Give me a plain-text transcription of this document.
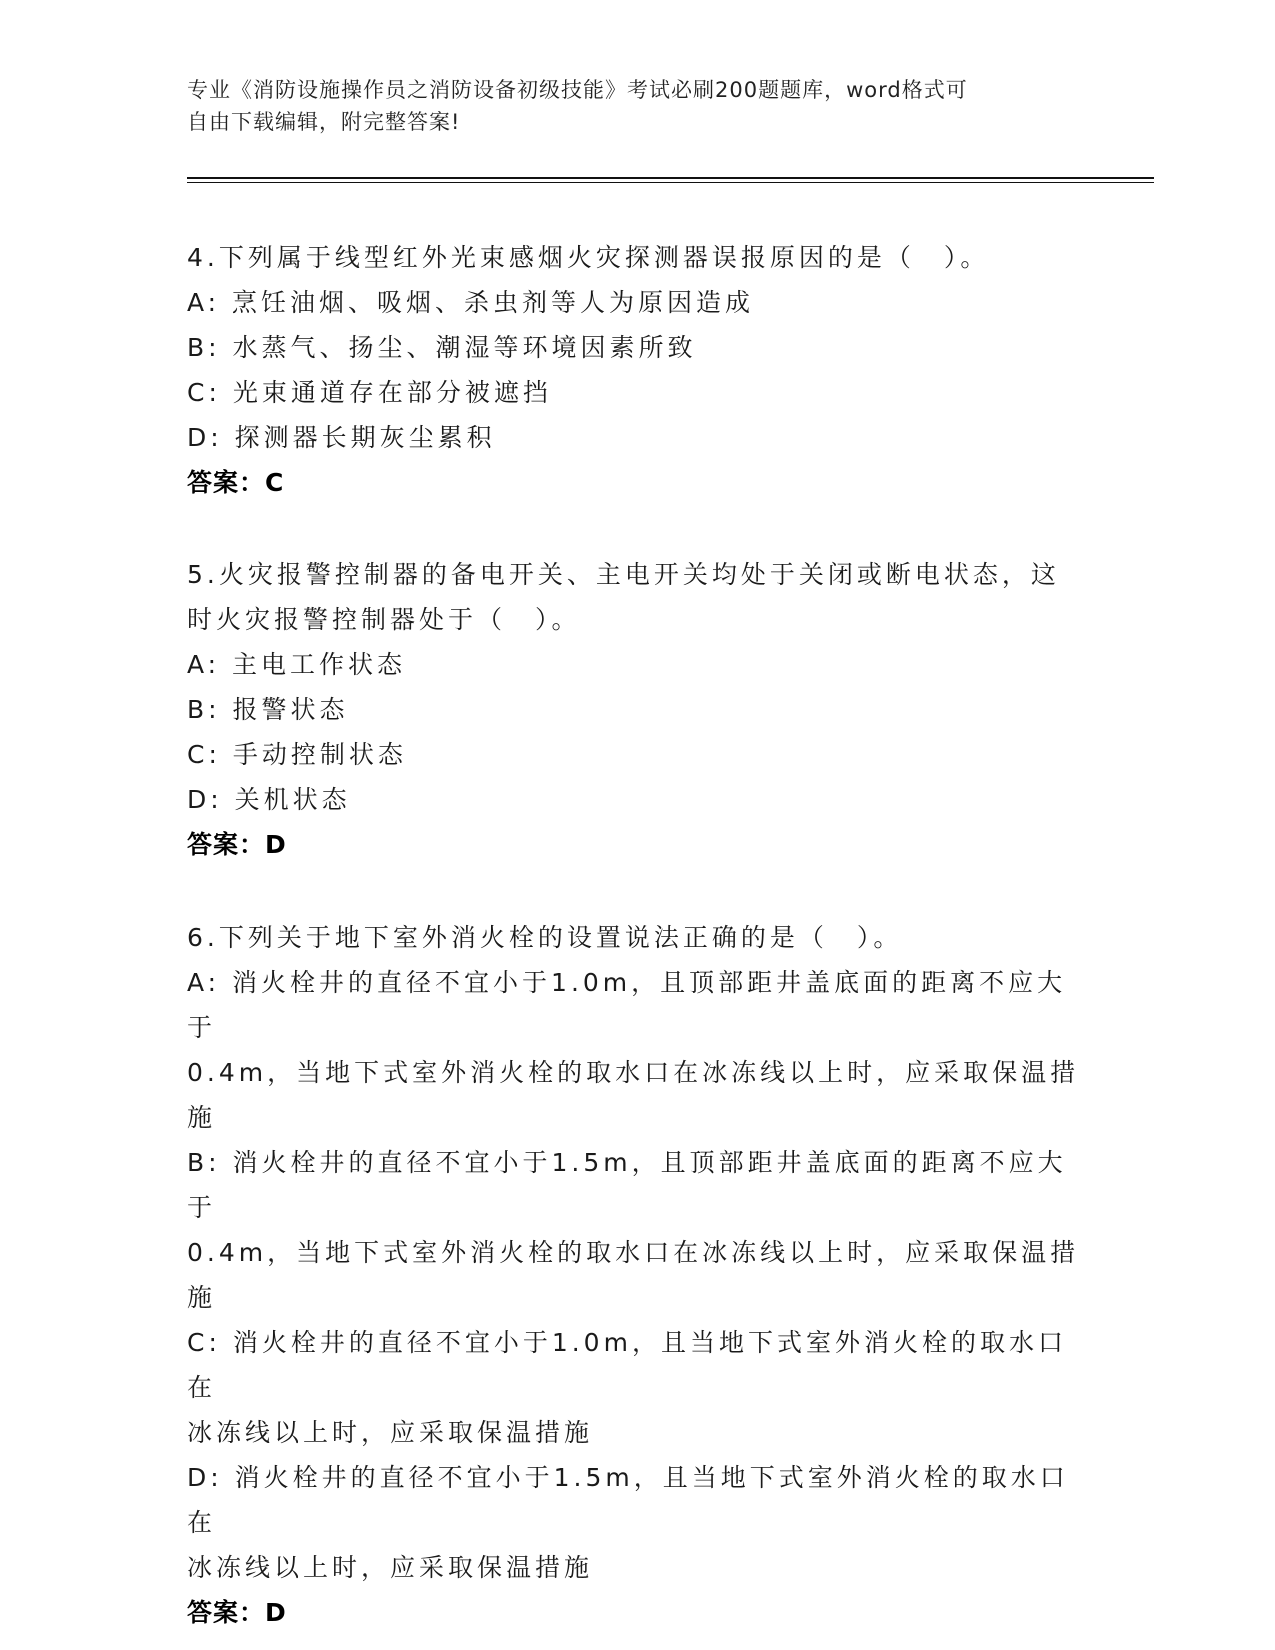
专业《消防设施操作员之消防设备初级技能》考试必刷200题题库，word格式可
自由下载编辑，附完整答案!
4.下列属于线型红外光束感烟火灾探测器误报原因的是（　）。
A: 烹饪油烟、吸烟、杀虫剂等人为原因造成
B: 水蒸气、扬尘、潮湿等环境因素所致
C: 光束通道存在部分被遮挡
D: 探测器长期灰尘累积
答案：C
5.火灾报警控制器的备电开关、主电开关均处于关闭或断电状态，这
时火灾报警控制器处于（　）。
A: 主电工作状态
B: 报警状态
C: 手动控制状态
D: 关机状态
答案：D
6.下列关于地下室外消火栓的设置说法正确的是（　）。
A: 消火栓井的直径不宜小于1.0m，且顶部距井盖底面的距离不应大于
0.4m，当地下式室外消火栓的取水口在冰冻线以上时，应采取保温措
施
B: 消火栓井的直径不宜小于1.5m，且顶部距井盖底面的距离不应大于
0.4m，当地下式室外消火栓的取水口在冰冻线以上时，应采取保温措
施
C: 消火栓井的直径不宜小于1.0m，且当地下式室外消火栓的取水口在
冰冻线以上时，应采取保温措施
D: 消火栓井的直径不宜小于1.5m，且当地下式室外消火栓的取水口在
冰冻线以上时，应采取保温措施
答案：D
